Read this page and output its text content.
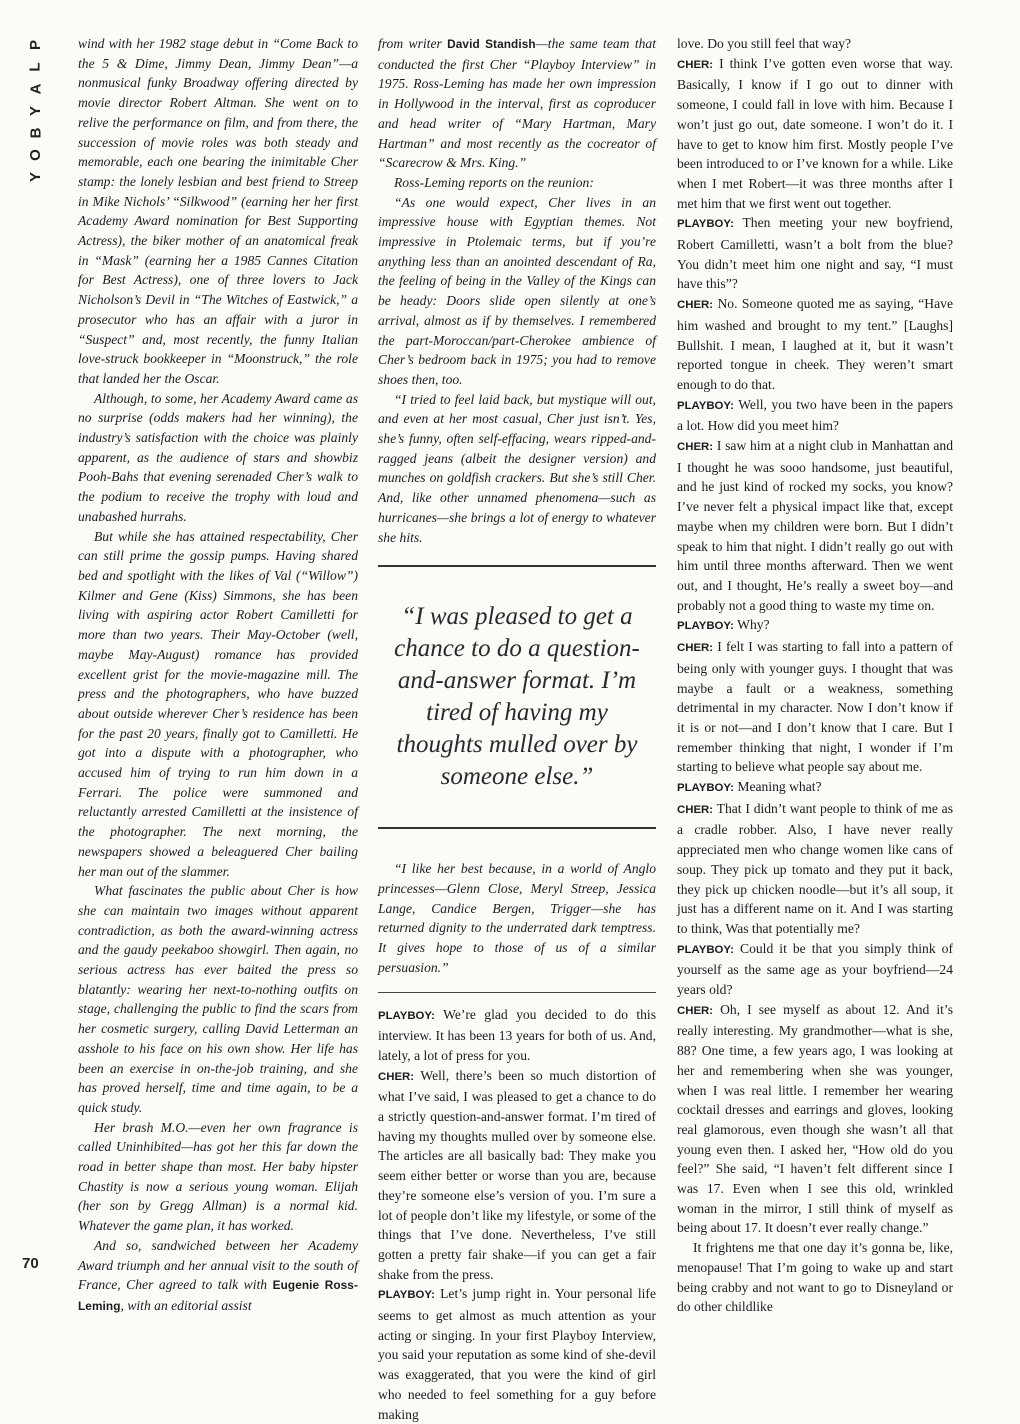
P
L
A
Y
B
O
Y

wind with her 1982 stage debut in “Come Back to the 5 & Dime, Jimmy Dean, Jimmy Dean”—a nonmusical funky Broadway offering directed by movie director Robert Altman. She went on to relive the performance on film, and from there, the succession of movie roles was both steady and memorable, each one bearing the inimitable Cher stamp: the lonely lesbian and best friend to Streep in Mike Nichols’ “Silkwood” (earning her her first Academy Award nomination for Best Supporting Actress), the biker mother of an anatomical freak in “Mask” (earning her a 1985 Cannes Citation for Best Actress), one of three lovers to Jack Nicholson’s Devil in “The Witches of Eastwick,” a prosecutor who has an affair with a juror in “Suspect” and, most recently, the funny Italian love-struck bookkeeper in “Moonstruck,” the role that landed her the Oscar.

Although, to some, her Academy Award came as no surprise (odds makers had her winning), the industry’s satisfaction with the choice was plainly apparent, as the audience of stars and showbiz Pooh-Bahs that evening serenaded Cher’s walk to the podium to receive the trophy with loud and unabashed hurrahs.

But while she has attained respectability, Cher can still prime the gossip pumps. Having shared bed and spotlight with the likes of Val (“Willow”) Kilmer and Gene (Kiss) Simmons, she has been living with aspiring actor Robert Camilletti for more than two years. Their May-October (well, maybe May-August) romance has provided excellent grist for the movie-magazine mill. The press and the photographers, who have buzzed about outside wherever Cher’s residence has been for the past 20 years, finally got to Camilletti. He got into a dispute with a photographer, who accused him of trying to run him down in a Ferrari. The police were summoned and reluctantly arrested Camilletti at the insistence of the photographer. The next morning, the newspapers showed a beleaguered Cher bailing her man out of the slammer.

What fascinates the public about Cher is how she can maintain two images without apparent contradiction, as both the award-winning actress and the gaudy peekaboo showgirl. Then again, no serious actress has ever baited the press so blatantly: wearing her next-to-nothing outfits on stage, challenging the public to find the scars from her cosmetic surgery, calling David Letterman an asshole to his face on his own show. Her life has been an exercise in on-the-job training, and she has proved herself, time and time again, to be a quick study.

Her brash M.O.—even her own fragrance is called Uninhibited—has got her this far down the road in better shape than most. Her baby hipster Chastity is now a serious young woman. Elijah (her son by Gregg Allman) is a normal kid. Whatever the game plan, it has worked.

And so, sandwiched between her Academy Award triumph and her annual visit to the south of France, Cher agreed to talk with Eugenie Ross-Leming, with an editorial assist

from writer David Standish—the same team that conducted the first Cher “Playboy Interview” in 1975. Ross-Leming has made her own impression in Hollywood in the interval, first as coproducer and head writer of “Mary Hartman, Mary Hartman” and most recently as the cocreator of “Scarecrow & Mrs. King.”

Ross-Leming reports on the reunion:

“As one would expect, Cher lives in an impressive house with Egyptian themes. Not impressive in Ptolemaic terms, but if you’re anything less than an anointed descendant of Ra, the feeling of being in the Valley of the Kings can be heady: Doors slide open silently at one’s arrival, almost as if by themselves. I remembered the part-Moroccan/part-Cherokee ambience of Cher’s bedroom back in 1975; you had to remove shoes then, too.

“I tried to feel laid back, but mystique will out, and even at her most casual, Cher just isn’t. Yes, she’s funny, often self-effacing, wears ripped-and-ragged jeans (albeit the designer version) and munches on goldfish crackers. But she’s still Cher. And, like other unnamed phenomena—such as hurricanes—she brings a lot of energy to whatever she hits.

“I was pleased to get a chance to do a question-and-answer format. I’m tired of having my thoughts mulled over by someone else.”

“I like her best because, in a world of Anglo princesses—Glenn Close, Meryl Streep, Jessica Lange, Candice Bergen, Trigger—she has returned dignity to the underrated dark temptress. It gives hope to those of us of a similar persuasion.”

PLAYBOY: We’re glad you decided to do this interview. It has been 13 years for both of us. And, lately, a lot of press for you.

CHER: Well, there’s been so much distortion of what I’ve said, I was pleased to get a chance to do a strictly question-and-answer format. I’m tired of having my thoughts mulled over by someone else. The articles are all basically bad: They make you seem either better or worse than you are, because they’re someone else’s version of you. I’m sure a lot of people don’t like my lifestyle, or some of the things that I’ve done. Nevertheless, I’ve still gotten a pretty fair shake—if you can get a fair shake from the press.

PLAYBOY: Let’s jump right in. Your personal life seems to get almost as much attention as your acting or singing. In your first Playboy Interview, you said your reputation as some kind of she-devil was exaggerated, that you were the kind of girl who needed to feel something for a guy before making

love. Do you still feel that way?

CHER: I think I’ve gotten even worse that way. Basically, I know if I go out to dinner with someone, I could fall in love with him. Because I won’t just go out, date someone. I won’t do it. I have to get to know him first. Mostly people I’ve been introduced to or I’ve known for a while. Like when I met Robert—it was three months after I met him that we first went out together.

PLAYBOY: Then meeting your new boyfriend, Robert Camilletti, wasn’t a bolt from the blue? You didn’t meet him one night and say, “I must have this”?

CHER: No. Someone quoted me as saying, “Have him washed and brought to my tent.” [Laughs] Bullshit. I mean, I laughed at it, but it wasn’t reported tongue in cheek. They weren’t smart enough to do that.

PLAYBOY: Well, you two have been in the papers a lot. How did you meet him?

CHER: I saw him at a night club in Manhattan and I thought he was sooo handsome, just beautiful, and he just kind of rocked my socks, you know? I’ve never felt a physical impact like that, except maybe when my children were born. But I didn’t speak to him that night. I didn’t really go out with him until three months afterward. Then we went out, and I thought, He’s really a sweet boy—and probably not a good thing to waste my time on.

PLAYBOY: Why?

CHER: I felt I was starting to fall into a pattern of being only with younger guys. I thought that was maybe a fault or a weakness, something detrimental in my character. Now I don’t know if it is or not—and I don’t know that I care. But I remember thinking that night, I wonder if I’m starting to believe what people say about me.

PLAYBOY: Meaning what?

CHER: That I didn’t want people to think of me as a cradle robber. Also, I have never really appreciated men who change women like cans of soup. They pick up tomato and they put it back, they pick up chicken noodle—but it’s all soup, it just has a different name on it. And I was starting to think, Was that potentially me?

PLAYBOY: Could it be that you simply think of yourself as the same age as your boyfriend—24 years old?

CHER: Oh, I see myself as about 12. And it’s really interesting. My grandmother—what is she, 88? One time, a few years ago, I was looking at her and remembering when she was younger, when I was real little. I remember her wearing cocktail dresses and earrings and gloves, looking real glamorous, even though she wasn’t all that young even then. I asked her, “How old do you feel?” She said, “I haven’t felt different since I was 17. Even when I see this old, wrinkled woman in the mirror, I still think of myself as being about 17. It doesn’t ever really change.”

It frightens me that one day it’s gonna be, like, menopause! That I’m going to wake up and start being crabby and not want to go to Disneyland or do other childlike

70
